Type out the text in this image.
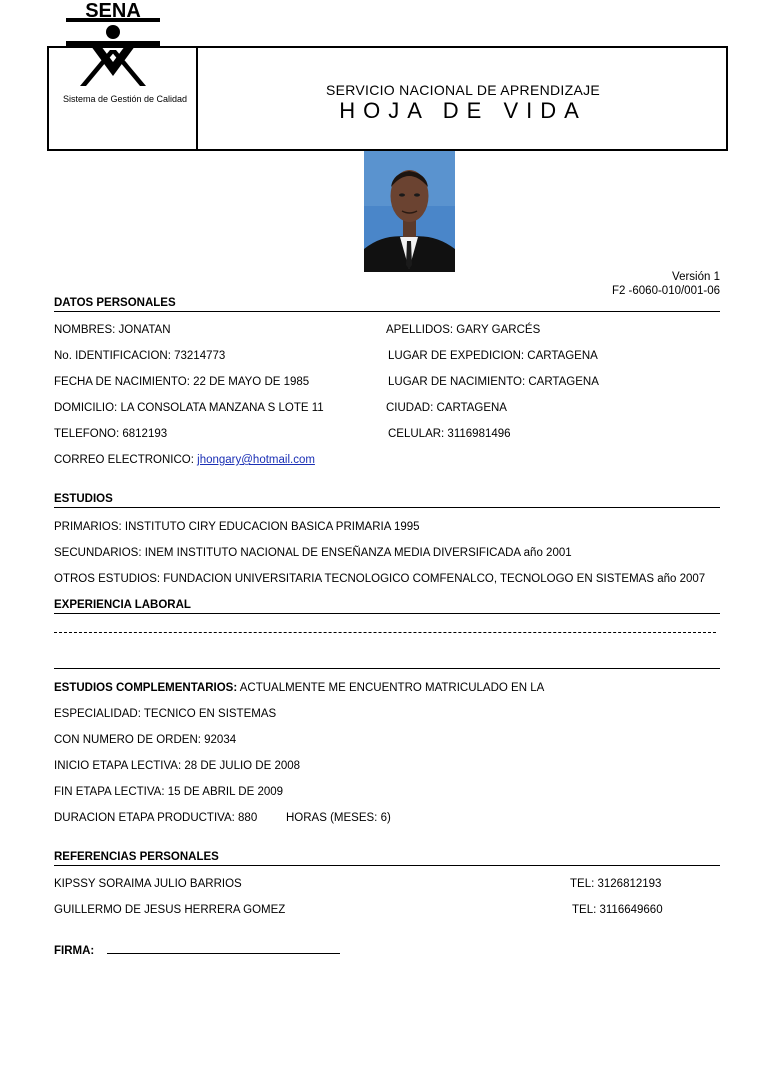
SENA
Sistema de Gestión de Calidad
SERVICIO NACIONAL DE APRENDIZAJE
HOJA DE VIDA
Versión 1
F2 -6060-010/001-06
DATOS PERSONALES
NOMBRES: JONATAN	APELLIDOS: GARY GARCÉS
No. IDENTIFICACION: 73214773	LUGAR DE EXPEDICION: CARTAGENA
FECHA DE NACIMIENTO: 22 DE MAYO DE 1985	LUGAR DE NACIMIENTO: CARTAGENA
DOMICILIO: LA CONSOLATA MANZANA S LOTE 11	CIUDAD: CARTAGENA
TELEFONO: 6812193	CELULAR: 3116981496
CORREO ELECTRONICO: jhongary@hotmail.com
ESTUDIOS
PRIMARIOS: INSTITUTO CIRY EDUCACION BASICA PRIMARIA 1995
SECUNDARIOS: INEM INSTITUTO NACIONAL DE ENSEÑANZA MEDIA DIVERSIFICADA año 2001
OTROS ESTUDIOS: FUNDACION UNIVERSITARIA TECNOLOGICO COMFENALCO, TECNOLOGO EN SISTEMAS año 2007
EXPERIENCIA LABORAL
ESTUDIOS COMPLEMENTARIOS: ACTUALMENTE ME ENCUENTRO MATRICULADO EN LA
ESPECIALIDAD: TECNICO EN SISTEMAS
CON NUMERO DE ORDEN: 92034
INICIO ETAPA LECTIVA: 28 DE JULIO DE 2008
FIN ETAPA LECTIVA: 15 DE ABRIL DE 2009
DURACION ETAPA PRODUCTIVA: 880	HORAS (MESES: 6)
REFERENCIAS PERSONALES
KIPSSY SORAIMA JULIO BARRIOS	TEL: 3126812193
GUILLERMO DE JESUS HERRERA GOMEZ	TEL: 3116649660
FIRMA:
